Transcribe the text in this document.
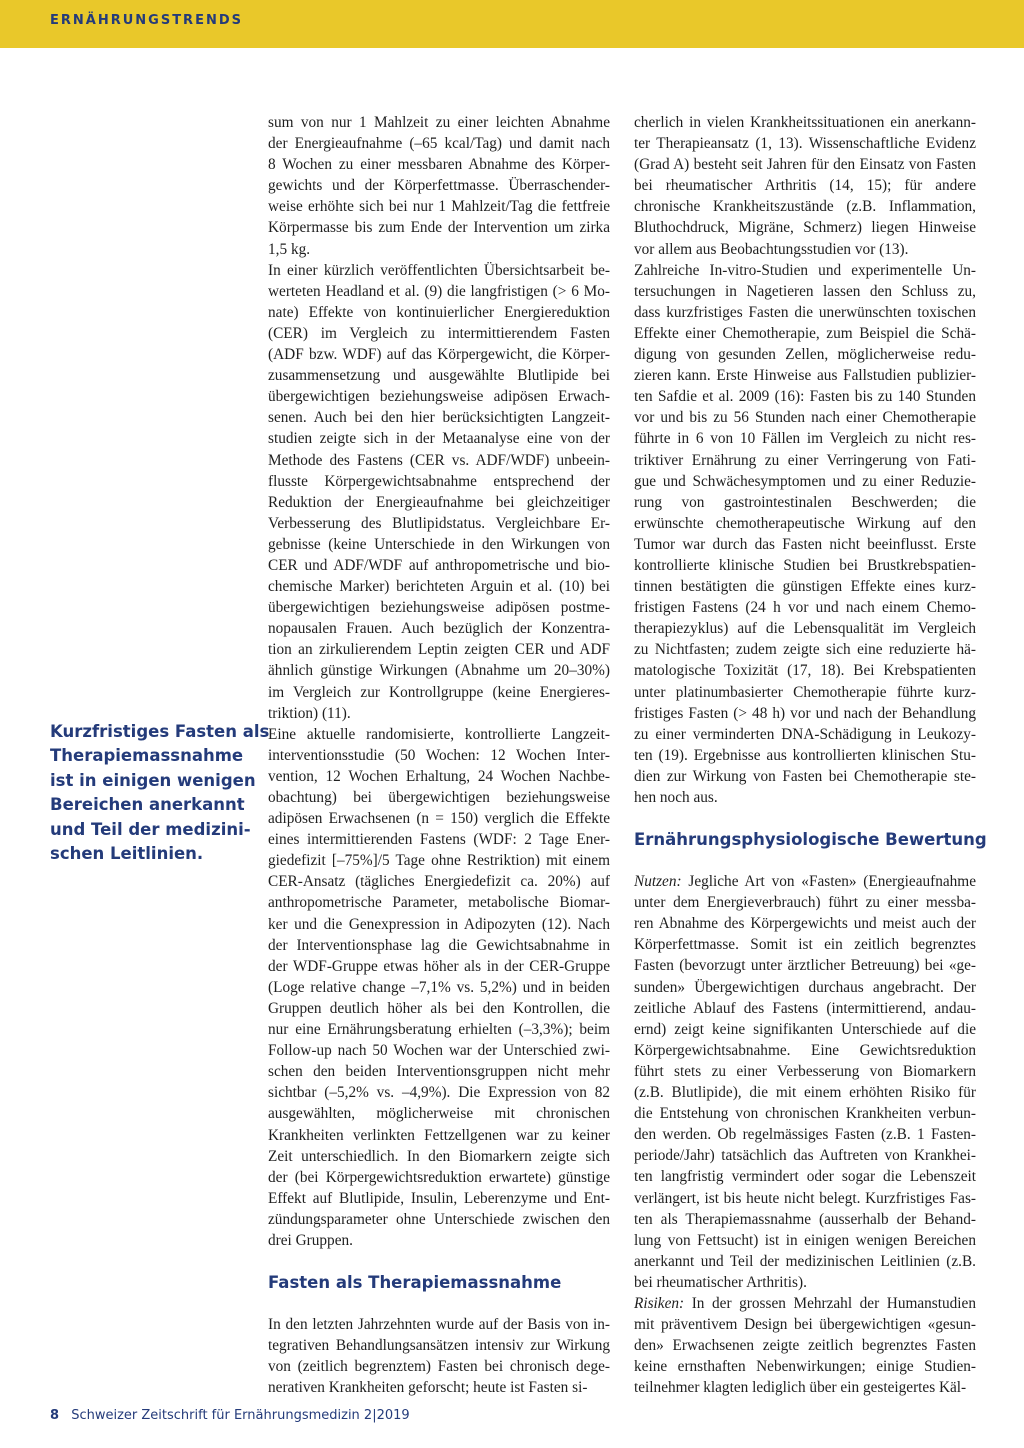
ERNÄHRUNGSTRENDS
Kurzfristiges Fasten als
Therapiemassnahme
ist in einigen wenigen
Bereichen anerkannt
und Teil der medizini-
schen Leitlinien.
sum von nur 1 Mahlzeit zu einer leichten Abnahme
der Energieaufnahme (–65 kcal/Tag) und damit nach
8 Wochen zu einer messbaren Abnahme des Körper-
gewichts und der Körperfettmasse. Überraschender-
weise erhöhte sich bei nur 1 Mahlzeit/Tag die fettfreie
Körpermasse bis zum Ende der Intervention um zirka
1,5 kg.
In einer kürzlich veröffentlichten Übersichtsarbeit be-
werteten Headland et al. (9) die langfristigen (> 6 Mo-
nate) Effekte von kontinuierlicher Energiereduktion
(CER) im Vergleich zu intermittierendem Fasten
(ADF bzw. WDF) auf das Körpergewicht, die Körper-
zusammensetzung und ausgewählte Blutlipide bei
übergewichtigen beziehungsweise adipösen Erwach-
senen. Auch bei den hier berücksichtigten Langzeit-
studien zeigte sich in der Metaanalyse eine von der
Methode des Fastens (CER vs. ADF/WDF) unbeein-
flusste Körpergewichtsabnahme entsprechend der
Reduktion der Energieaufnahme bei gleichzeitiger
Verbesserung des Blutlipidstatus. Vergleichbare Er-
gebnisse (keine Unterschiede in den Wirkungen von
CER und ADF/WDF auf anthropometrische und bio-
chemische Marker) berichteten Arguin et al. (10) bei
übergewichtigen beziehungsweise adipösen postme-
nopausalen Frauen. Auch bezüglich der Konzentra-
tion an zirkulierendem Leptin zeigten CER und ADF
ähnlich günstige Wirkungen (Abnahme um 20–30%)
im Vergleich zur Kontrollgruppe (keine Energieres-
triktion) (11).
Eine aktuelle randomisierte, kontrollierte Langzeit-
interventionsstudie (50 Wochen: 12 Wochen Inter-
vention, 12 Wochen Erhaltung, 24 Wochen Nachbe-
obachtung) bei übergewichtigen beziehungsweise
adipösen Erwachsenen (n = 150) verglich die Effekte
eines intermittierenden Fastens (WDF: 2 Tage Ener-
giedefizit [–75%]/5 Tage ohne Restriktion) mit einem
CER-Ansatz (tägliches Energiedefizit ca. 20%) auf
anthropometrische Parameter, metabolische Biomar-
ker und die Genexpression in Adipozyten (12). Nach
der Interventionsphase lag die Gewichtsabnahme in
der WDF-Gruppe etwas höher als in der CER-Gruppe
(Loge relative change –7,1% vs. 5,2%) und in beiden
Gruppen deutlich höher als bei den Kontrollen, die
nur eine Ernährungsberatung erhielten (–3,3%); beim
Follow-up nach 50 Wochen war der Unterschied zwi-
schen den beiden Interventionsgruppen nicht mehr
sichtbar (–5,2% vs. –4,9%). Die Expression von 82
ausgewählten, möglicherweise mit chronischen
Krankheiten verlinkten Fettzellgenen war zu keiner
Zeit unterschiedlich. In den Biomarkern zeigte sich
der (bei Körpergewichtsreduktion erwartete) günstige
Effekt auf Blutlipide, Insulin, Leberenzyme und Ent-
zündungsparameter ohne Unterschiede zwischen den
drei Gruppen.
Fasten als Therapiemassnahme
In den letzten Jahrzehnten wurde auf der Basis von in-
tegrativen Behandlungsansätzen intensiv zur Wirkung
von (zeitlich begrenztem) Fasten bei chronisch dege-
nerativen Krankheiten geforscht; heute ist Fasten si-
cherlich in vielen Krankheitssituationen ein anerkann-
ter Therapieansatz (1, 13). Wissenschaftliche Evidenz
(Grad A) besteht seit Jahren für den Einsatz von Fasten
bei rheumatischer Arthritis (14, 15); für andere
chronische Krankheitszustände (z.B. Inflammation,
Bluthochdruck, Migräne, Schmerz) liegen Hinweise
vor allem aus Beobachtungsstudien vor (13).
Zahlreiche In-vitro-Studien und experimentelle Un-
tersuchungen in Nagetieren lassen den Schluss zu,
dass kurzfristiges Fasten die unerwünschten toxischen
Effekte einer Chemotherapie, zum Beispiel die Schä-
digung von gesunden Zellen, möglicherweise redu-
zieren kann. Erste Hinweise aus Fallstudien publizier-
ten Safdie et al. 2009 (16): Fasten bis zu 140 Stunden
vor und bis zu 56 Stunden nach einer Chemotherapie
führte in 6 von 10 Fällen im Vergleich zu nicht res-
triktiver Ernährung zu einer Verringerung von Fati-
gue und Schwächesymptomen und zu einer Reduzie-
rung von gastrointestinalen Beschwerden; die
erwünschte chemotherapeutische Wirkung auf den
Tumor war durch das Fasten nicht beeinflusst. Erste
kontrollierte klinische Studien bei Brustkrebspatien-
tinnen bestätigten die günstigen Effekte eines kurz-
fristigen Fastens (24 h vor und nach einem Chemo-
therapiezyklus) auf die Lebensqualität im Vergleich
zu Nichtfasten; zudem zeigte sich eine reduzierte hä-
matologische Toxizität (17, 18). Bei Krebspatienten
unter platinumbasierter Chemotherapie führte kurz-
fristiges Fasten (> 48 h) vor und nach der Behandlung
zu einer verminderten DNA-Schädigung in Leukozy-
ten (19). Ergebnisse aus kontrollierten klinischen Stu-
dien zur Wirkung von Fasten bei Chemotherapie ste-
hen noch aus.
Ernährungsphysiologische Bewertung
Nutzen: Jegliche Art von «Fasten» (Energieaufnahme
unter dem Energieverbrauch) führt zu einer messba-
ren Abnahme des Körpergewichts und meist auch der
Körperfettmasse. Somit ist ein zeitlich begrenztes
Fasten (bevorzugt unter ärztlicher Betreuung) bei «ge-
sunden» Übergewichtigen durchaus angebracht. Der
zeitliche Ablauf des Fastens (intermittierend, andau-
ernd) zeigt keine signifikanten Unterschiede auf die
Körpergewichtsabnahme. Eine Gewichtsreduktion
führt stets zu einer Verbesserung von Biomarkern
(z.B. Blutlipide), die mit einem erhöhten Risiko für
die Entstehung von chronischen Krankheiten verbun-
den werden. Ob regelmässiges Fasten (z.B. 1 Fasten-
periode/Jahr) tatsächlich das Auftreten von Krankhei-
ten langfristig vermindert oder sogar die Lebenszeit
verlängert, ist bis heute nicht belegt. Kurzfristiges Fas-
ten als Therapiemassnahme (ausserhalb der Behand-
lung von Fettsucht) ist in einigen wenigen Bereichen
anerkannt und Teil der medizinischen Leitlinien (z.B.
bei rheumatischer Arthritis).
Risiken: In der grossen Mehrzahl der Humanstudien
mit präventivem Design bei übergewichtigen «gesun-
den» Erwachsenen zeigte zeitlich begrenztes Fasten
keine ernsthaften Nebenwirkungen; einige Studien-
teilnehmer klagten lediglich über ein gesteigertes Käl-
8 Schweizer Zeitschrift für Ernährungsmedizin 2|2019
